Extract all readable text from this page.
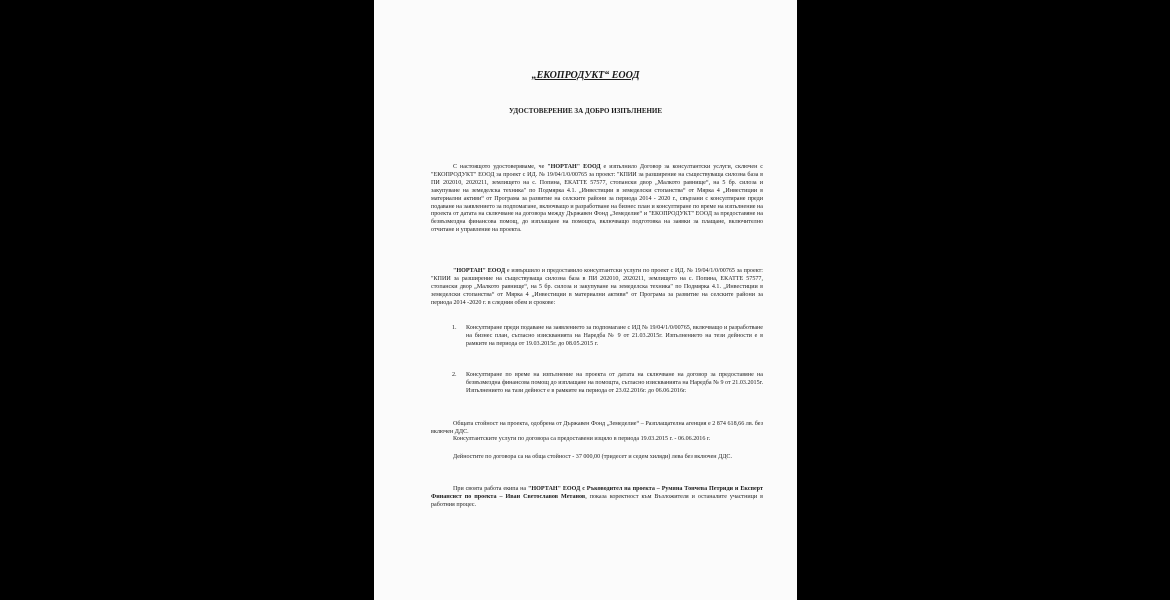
„ЕКОПРОДУКТ“ ЕООД
УДОСТОВЕРЕНИЕ ЗА ДОБРО ИЗПЪЛНЕНИЕ

С настоящото удостоверяваме, че "НОРТАН" ЕООД е изпълнило Договор за консултантски услуги, сключен с "ЕКОПРОДУКТ" ЕООД за проект с ИД. № 19/04/1/0/00765 за проект: "КПИИ за разширение на съществуваща силозна база в ПИ 202010, 2020211, землището на с. Попина, ЕКАТТЕ 57577, стопански двор „Малкото равнище“, на 5 бр. силоза и закупуване на земеделска техника" по Подмярка 4.1. „Инвестиции в земеделски стопанства“ от Мярка 4 „Инвестиции в материални активи“ от Програма за развитие на селските райони за периода 2014 - 2020 г., свързани с консултиране преди подаване на заявлението за подпомагане, включващо и разработване на бизнес план и консултиране по време на изпълнение на проекта от датата на сключване на договора между Държавен Фонд „Земеделие“ и "ЕКОПРОДУКТ" ЕООД за предоставяне на безвъзмездна финансова помощ, до изплащане на помощта, включващо подготовка на заявки за плащане, включително отчитане и управление на проекта.

"НОРТАН" ЕООД е извършило и предоставило консултантски услуги по проект с ИД. № 19/04/1/0/00765 за проект: "КПИИ за разширение на съществуваща силозна база в ПИ 202010, 2020211, землището на с. Попина, ЕКАТТЕ 57577, стопански двор „Малкото равнище“, на 5 бр. силоза и закупуване на земеделска техника" по Подмярка 4.1. „Инвестиции в земеделски стопанства“ от Мярка 4 „Инвестиции в материални активи“ от Програма за развитие на селските райони за периода 2014 -2020 г. в следния обем и срокове:

1. Консултиране преди подаване на заявлението за подпомагане с ИД № 19/04/1/0/00765, включващо и разработване на бизнес план, съгласно изискванията на Наредба № 9 от 21.03.2015г. Изпълнението на тези дейности е в рамките на периода от 19.03.2015г. до 08.05.2015 г.
2. Консултиране по време на изпълнение на проекта от датата на сключване на договор за предоставяне на безвъзмездна финансова помощ до изплащане на помощта, съгласно изискванията на Наредба № 9 от 21.03.2015г. Изпълнението на тази дейност е в рамките на периода от 23.02.2016г. до 06.06.2016г.

Общата стойност на проекта, одобрена от Държавен Фонд „Земеделие“ – Разплащателна агенция е 2 874 618,66 лв. без включен ДДС.

Консултантските услуги по договора са предоставени изцяло в периода 19.03.2015 г. - 06.06.2016 г.

Дейностите по договора са на обща стойност - 37 000,00 (тридесет и седем хиляди) лева без включен ДДС.

При своята работа екипа на "НОРТАН" ЕООД с Ръководител на проекта – Румяна Тончева Петриди и Експерт Финансист по проекта – Иван Светославов Метанов, показа коректност към Възложителя и останалите участници в работния процес.
